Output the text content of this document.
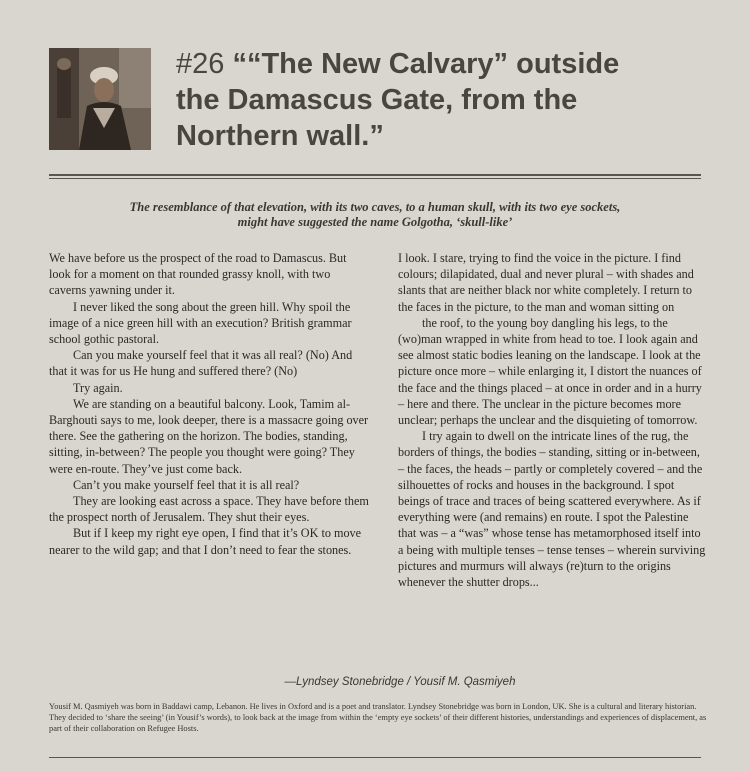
#26 ““The New Calvary” outside
the Damascus Gate, from the
Northern wall.”
The resemblance of that elevation, with its two caves, to a human skull, with its two eye sockets,
might have suggested the name Golgotha, ‘skull-like’

We have before us the prospect of the road to Damascus. But look for a moment on that rounded grassy knoll, with two caverns yawning under it.

I never liked the song about the green hill. Why spoil the image of a nice green hill with an execution? British grammar school gothic pastoral.

Can you make yourself feel that it was all real? (No) And that it was for us He hung and suffered there? (No)

Try again.

We are standing on a beautiful balcony. Look, Tamim al-Barghouti says to me, look deeper, there is a massacre going over there. See the gathering on the horizon. The bodies, standing, sitting, in-between? The people you thought were going? They were en-route. They’ve just come back.

Can’t you make yourself feel that it is all real?

They are looking east across a space. They have before them the prospect north of Jerusalem. They shut their eyes.

But if I keep my right eye open, I find that it’s OK to move nearer to the wild gap; and that I don’t need to fear the stones.

I look. I stare, trying to find the voice in the picture. I find colours; dilapidated, dual and never plural – with shades and slants that are neither black nor white completely. I return to the faces in the picture, to the man and woman sitting on

the roof, to the young boy dangling his legs, to the (wo)man wrapped in white from head to toe. I look again and see almost static bodies leaning on the landscape. I look at the picture once more – while enlarging it, I distort the nuances of the face and the things placed – at once in order and in a hurry – here and there. The unclear in the picture becomes more unclear; perhaps the unclear and the disquieting of tomorrow.

I try again to dwell on the intricate lines of the rug, the borders of things, the bodies – standing, sitting or in-between, – the faces, the heads – partly or completely covered – and the silhouettes of rocks and houses in the background. I spot beings of trace and traces of being scattered everywhere. As if everything were (and remains) en route. I spot the Palestine that was – a “was” whose tense has metamorphosed itself into a being with multiple tenses – tense tenses – wherein surviving pictures and murmurs will always (re)turn to the origins whenever the shutter drops...

—Lyndsey Stonebridge / Yousif M. Qasmiyeh
Yousif M. Qasmiyeh was born in Baddawi camp, Lebanon. He lives in Oxford and is a poet and translator. Lyndsey Stonebridge was born in London, UK. She is a cultural and literary historian. They decided to ‘share the seeing’ (in Yousif’s words), to look back at the image from within the ‘empty eye sockets’ of their different histories, understandings and experiences of displacement, as part of their collaboration on Refugee Hosts.
